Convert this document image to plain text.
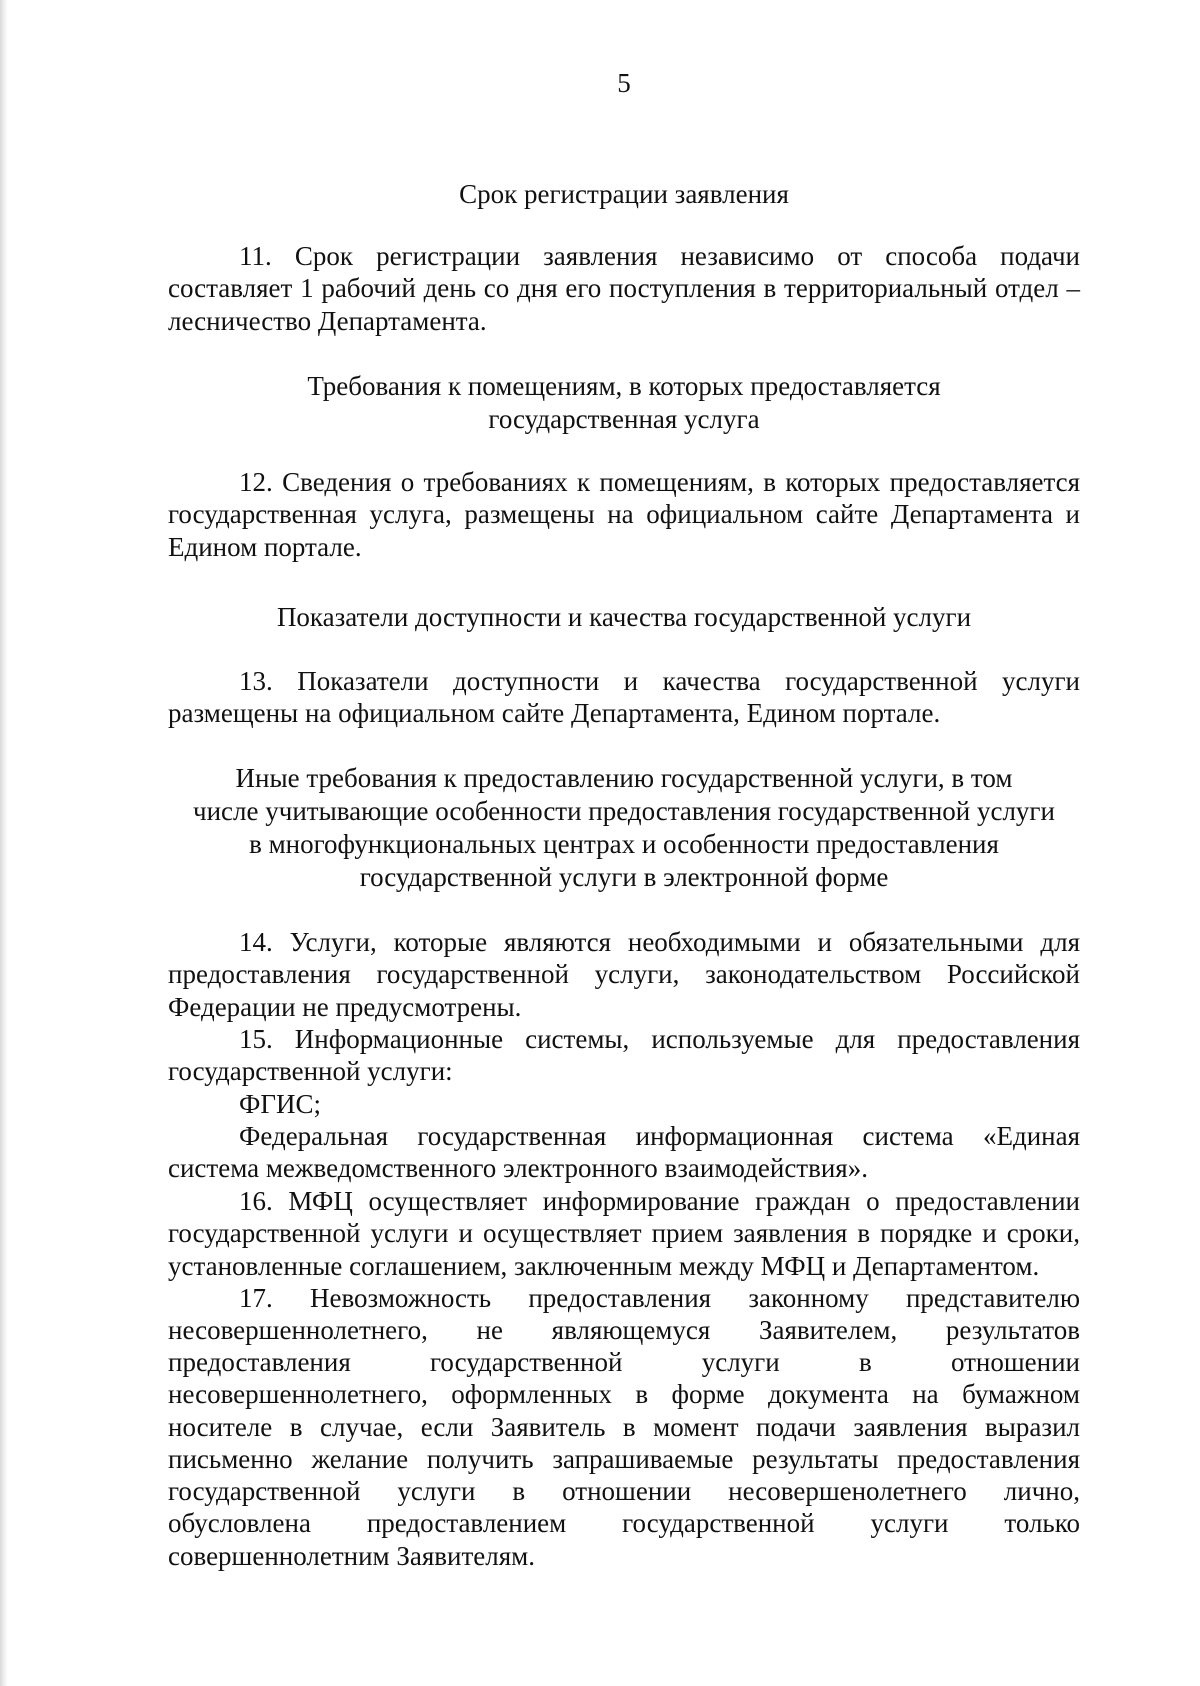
5
Срок регистрации заявления

11. Срок регистрации заявления независимо от способа подачи составляет 1 рабочий день со дня его поступления в территориальный отдел – лесничество Департамента.

Требования к помещениям, в которых предоставляется
государственная услуга

12. Сведения о требованиях к помещениям, в которых предоставляется государственная услуга, размещены на официальном сайте Департамента и Едином портале.

Показатели доступности и качества государственной услуги

13. Показатели доступности и качества государственной услуги размещены на официальном сайте Департамента, Едином портале.

Иные требования к предоставлению государственной услуги, в том
числе учитывающие особенности предоставления государственной услуги
в многофункциональных центрах и особенности предоставления
государственной услуги в электронной форме

14. Услуги, которые являются необходимыми и обязательными для предоставления государственной услуги, законодательством Российской Федерации не предусмотрены.

15. Информационные системы, используемые для предоставления государственной услуги:

ФГИС;

Федеральная государственная информационная система «Единая система межведомственного электронного взаимодействия».

16. МФЦ осуществляет информирование граждан о предоставлении государственной услуги и осуществляет прием заявления в порядке и сроки, установленные соглашением, заключенным между МФЦ и Департаментом.

17. Невозможность предоставления законному представителю

несовершеннолетнего, не являющемуся Заявителем, результатов

предоставления государственной услуги в отношении

несовершеннолетнего, оформленных в форме документа на бумажном

носителе в случае, если Заявитель в момент подачи заявления выразил

письменно желание получить запрашиваемые результаты предоставления

государственной услуги в отношении несовершенолетнего лично,

обусловлена предоставлением государственной услуги только

совершеннолетним Заявителям.
